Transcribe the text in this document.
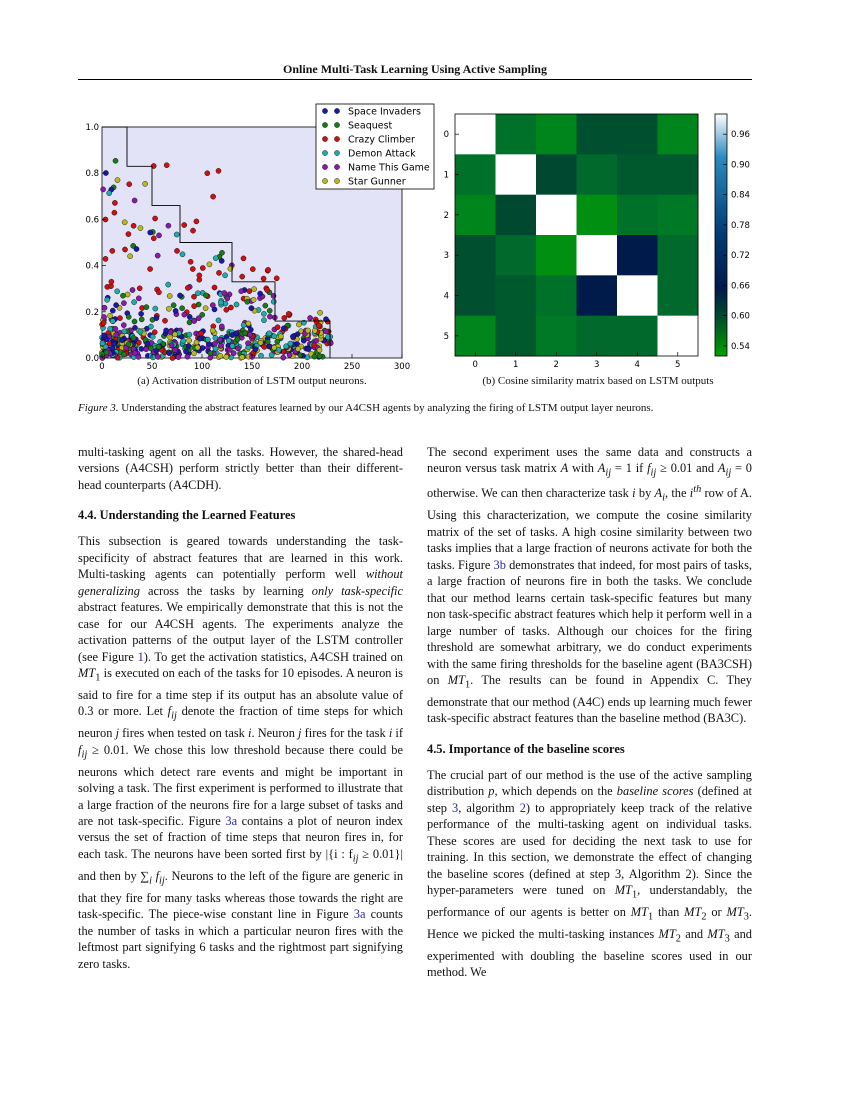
Online Multi-Task Learning Using Active Sampling
0	50	100	150	200	250	300
0.0
0.2
0.4
0.6
0.8
1.0
Space Invaders
Seaquest
Crazy Climber
Demon Attack
Name This Game
Star Gunner
0	1	2	3	4	5
0
1
2
3
4
5
0.96
0.90
0.84
0.78
0.72
0.66
0.60
0.54
(a) Activation distribution of LSTM output neurons.	(b) Cosine similarity matrix based on LSTM outputs
Figure 3. Understanding the abstract features learned by our A4CSH agents by analyzing the firing of LSTM output layer neurons.

multi-tasking agent on all the tasks. However, the shared-head versions (A4CSH) perform strictly better than their different-head counterparts (A4CDH).

4.4. Understanding the Learned Features

This subsection is geared towards understanding the task-specificity of abstract features that are learned in this work. Multi-tasking agents can potentially perform well without generalizing across the tasks by learning only task-specific abstract features. We empirically demonstrate that this is not the case for our A4CSH agents. The experiments analyze the activation patterns of the output layer of the LSTM controller (see Figure 1). To get the activation statistics, A4CSH trained on $MT_1$ is executed on each of the tasks for 10 episodes. A neuron is said to fire for a time step if its output has an absolute value of 0.3 or more. Let $f_{ij}$ denote the fraction of time steps for which neuron j fires when tested on task i. Neuron j fires for the task i if $f_{ij} \ge 0.01$. We chose this low threshold because there could be neurons which detect rare events and might be important in solving a task. The first experiment is performed to illustrate that a large fraction of the neurons fire for a large subset of tasks and are not task-specific. Figure 3a contains a plot of neuron index versus the set of fraction of time steps that neuron fires in, for each task. The neurons have been sorted first by |{i : $f_{ij} \ge 0.01\}|$ and then by $\sum_i$ $f_{ij}$. Neurons to the left of the figure are generic in that they fire for many tasks whereas those towards the right are task-specific. The piece-wise constant line in Figure 3a counts the number of tasks in which a particular neuron fires with the leftmost part signifying 6 tasks and the rightmost part signifying zero tasks.

The second experiment uses the same data and constructs a neuron versus task matrix A with $A_{ij} = 1$ if $f_{ij} \ge 0.01$ and $A_{ij} = 0$ otherwise. We can then characterize task i by $A_i$, the $i^{th}$ row of A. Using this characterization, we compute the cosine similarity matrix of the set of tasks. A high cosine similarity between two tasks implies that a large fraction of neurons activate for both the tasks. Figure 3b demonstrates that indeed, for most pairs of tasks, a large fraction of neurons fire in both the tasks. We conclude that our method learns certain task-specific features but many non task-specific abstract features which help it perform well in a large number of tasks. Although our choices for the firing threshold are somewhat arbitrary, we do conduct experiments with the same firing thresholds for the baseline agent (BA3CSH) on $MT_1$. The results can be found in Appendix C. They demonstrate that our method (A4C) ends up learning much fewer task-specific abstract features than the baseline method (BA3C).

4.5. Importance of the baseline scores

The crucial part of our method is the use of the active sampling distribution p, which depends on the baseline scores (defined at step 3, algorithm 2) to appropriately keep track of the relative performance of the multi-tasking agent on individual tasks. These scores are used for deciding the next task to use for training. In this section, we demonstrate the effect of changing the baseline scores (defined at step 3, Algorithm 2). Since the hyper-parameters were tuned on $MT_1$, understandably, the performance of our agents is better on $MT_1$ than $MT_2$ or $MT_3$. Hence we picked the multi-tasking instances $MT_2$ and $MT_3$ and experimented with doubling the baseline scores used in our method. We
